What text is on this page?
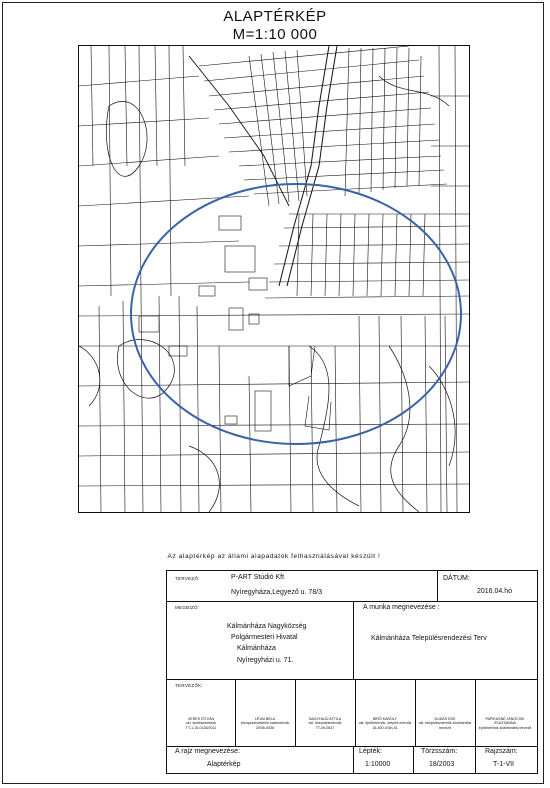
ALAPTÉRKÉP
M=1:10 000
Az alaptérkép az állami alapadatok felhasználásával készült !
TERVEZŐ:	P-ART Stúdió Kft
Nyíregyháza,Legyező u. 78/3
DÁTUM:
2016.04.hó
MEGBÍZÓ:
Kálmánháza Nagyközség
Polgármesteri Hivatal
Kálmánháza
Nyíregyházi u. 71.
A munka megnevezése :
Kálmánháza Településrendezési Terv
TERVEZŐK:
VERES ISTVÁN
okl. építészmérnök
TT-1-15-0126/2011
LÉVAI BÉLA
környezetvédelmi szakmérnök
2/936-0036
NAGYHAJÚ ATTILA
okl. településmérnök
TT-09-0637
BÍRÓ KÁROLY
okl. építőmérnök, útépítő mérnök
15-400-0/3ln-01
DUDÁS EDE
okl. településmérnök közlekedési tervező
PAPIKASNÉ JÁNOCSIK ZSUZSANNA
építőmérnök közlekedési tervező
A rajz megnevezése:
Alaptérkép
Lépték:
1:10000
Törzsszám:
18/2003
Rajzszám:
T-1-VII
